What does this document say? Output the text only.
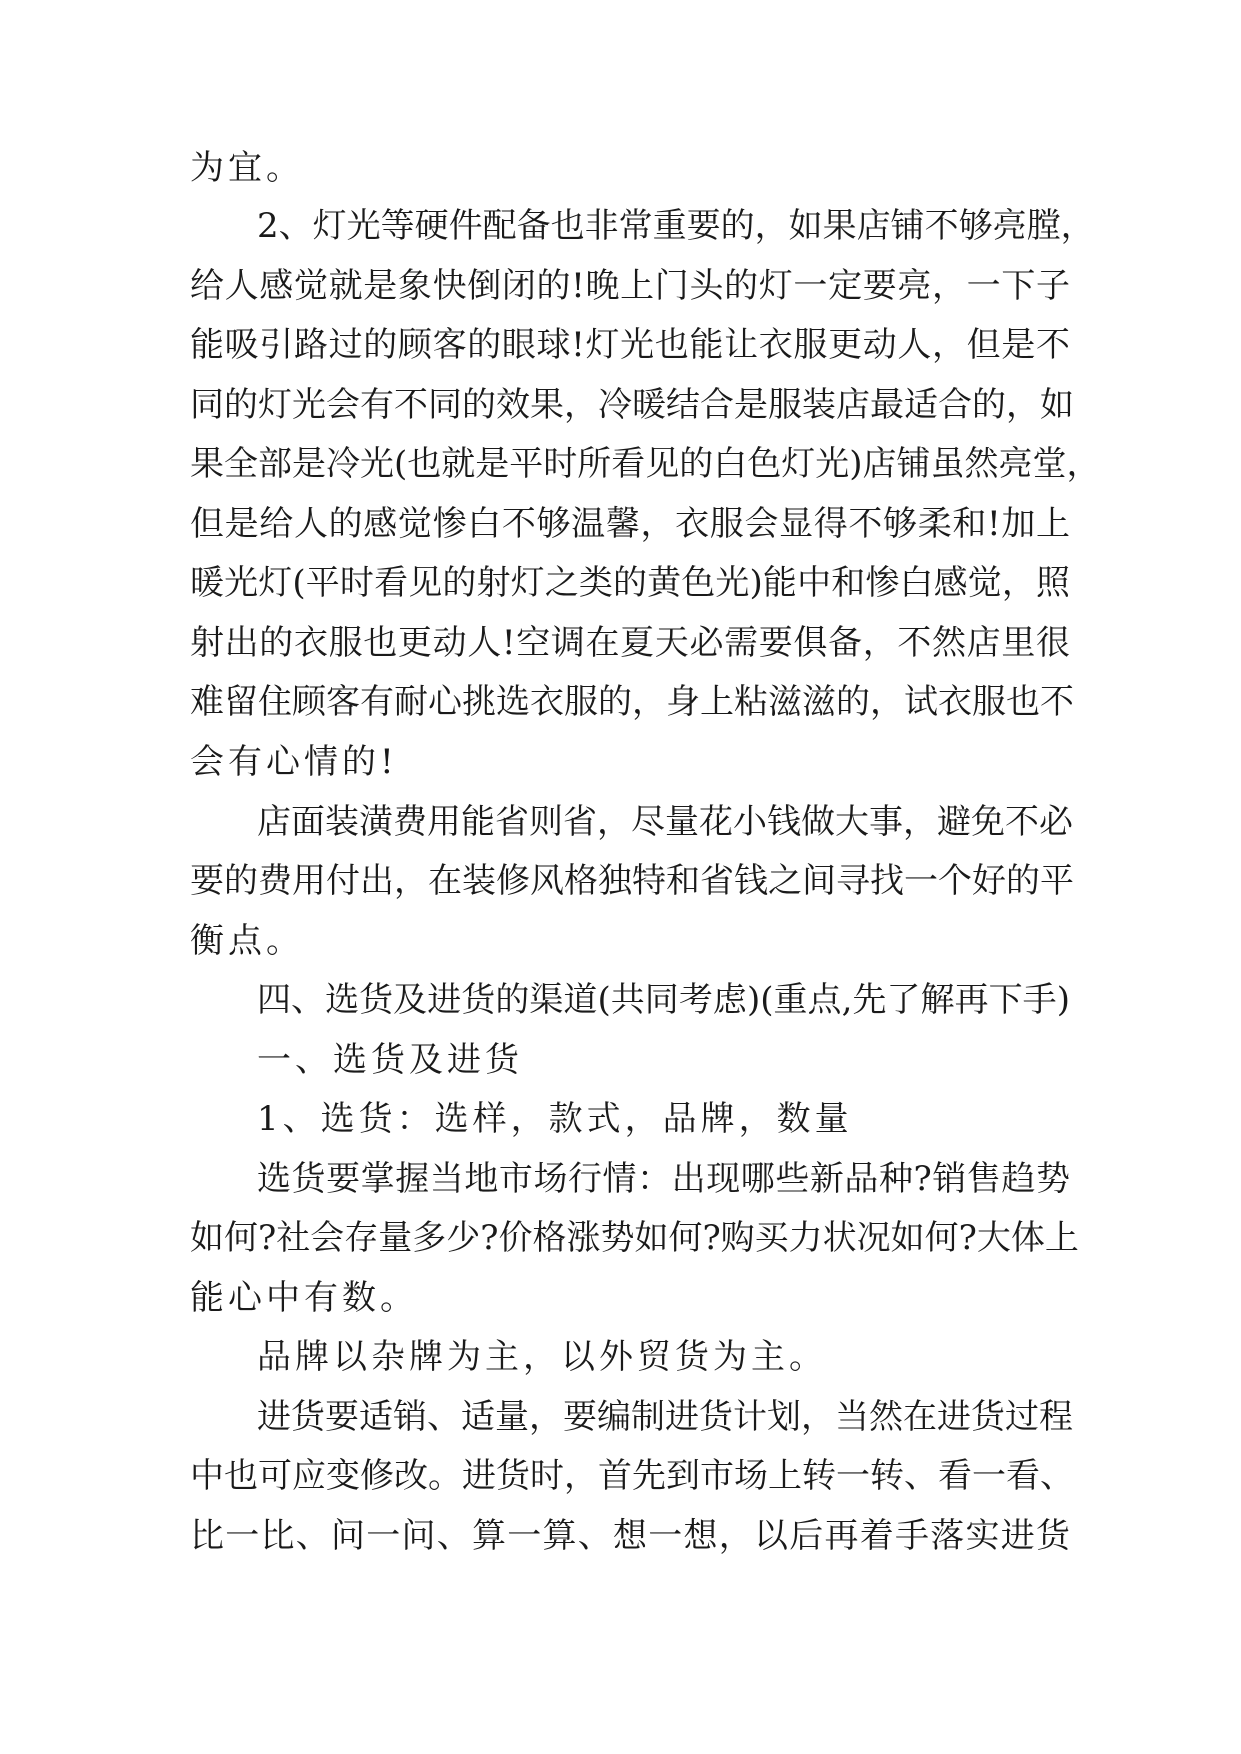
为宜。
2、灯光等硬件配备也非常重要的，如果店铺不够亮膛，
给人感觉就是象快倒闭的!晚上门头的灯一定要亮，一下子
能吸引路过的顾客的眼球!灯光也能让衣服更动人，但是不
同的灯光会有不同的效果，冷暖结合是服装店最适合的，如
果全部是冷光(也就是平时所看见的白色灯光)店铺虽然亮堂，
但是给人的感觉惨白不够温馨，衣服会显得不够柔和!加上
暖光灯(平时看见的射灯之类的黄色光)能中和惨白感觉，照
射出的衣服也更动人!空调在夏天必需要俱备，不然店里很
难留住顾客有耐心挑选衣服的，身上粘滋滋的，试衣服也不
会有心情的!
店面装潢费用能省则省，尽量花小钱做大事，避免不必
要的费用付出，在装修风格独特和省钱之间寻找一个好的平
衡点。
四、选货及进货的渠道(共同考虑)(重点,先了解再下手)
一、选货及进货
1、选货：选样，款式，品牌，数量
选货要掌握当地市场行情：出现哪些新品种?销售趋势
如何?社会存量多少?价格涨势如何?购买力状况如何?大体上
能心中有数。
品牌以杂牌为主，以外贸货为主。
进货要适销、适量，要编制进货计划，当然在进货过程
中也可应变修改。进货时，首先到市场上转一转、看一看、
比一比、问一问、算一算、想一想，以后再着手落实进货
